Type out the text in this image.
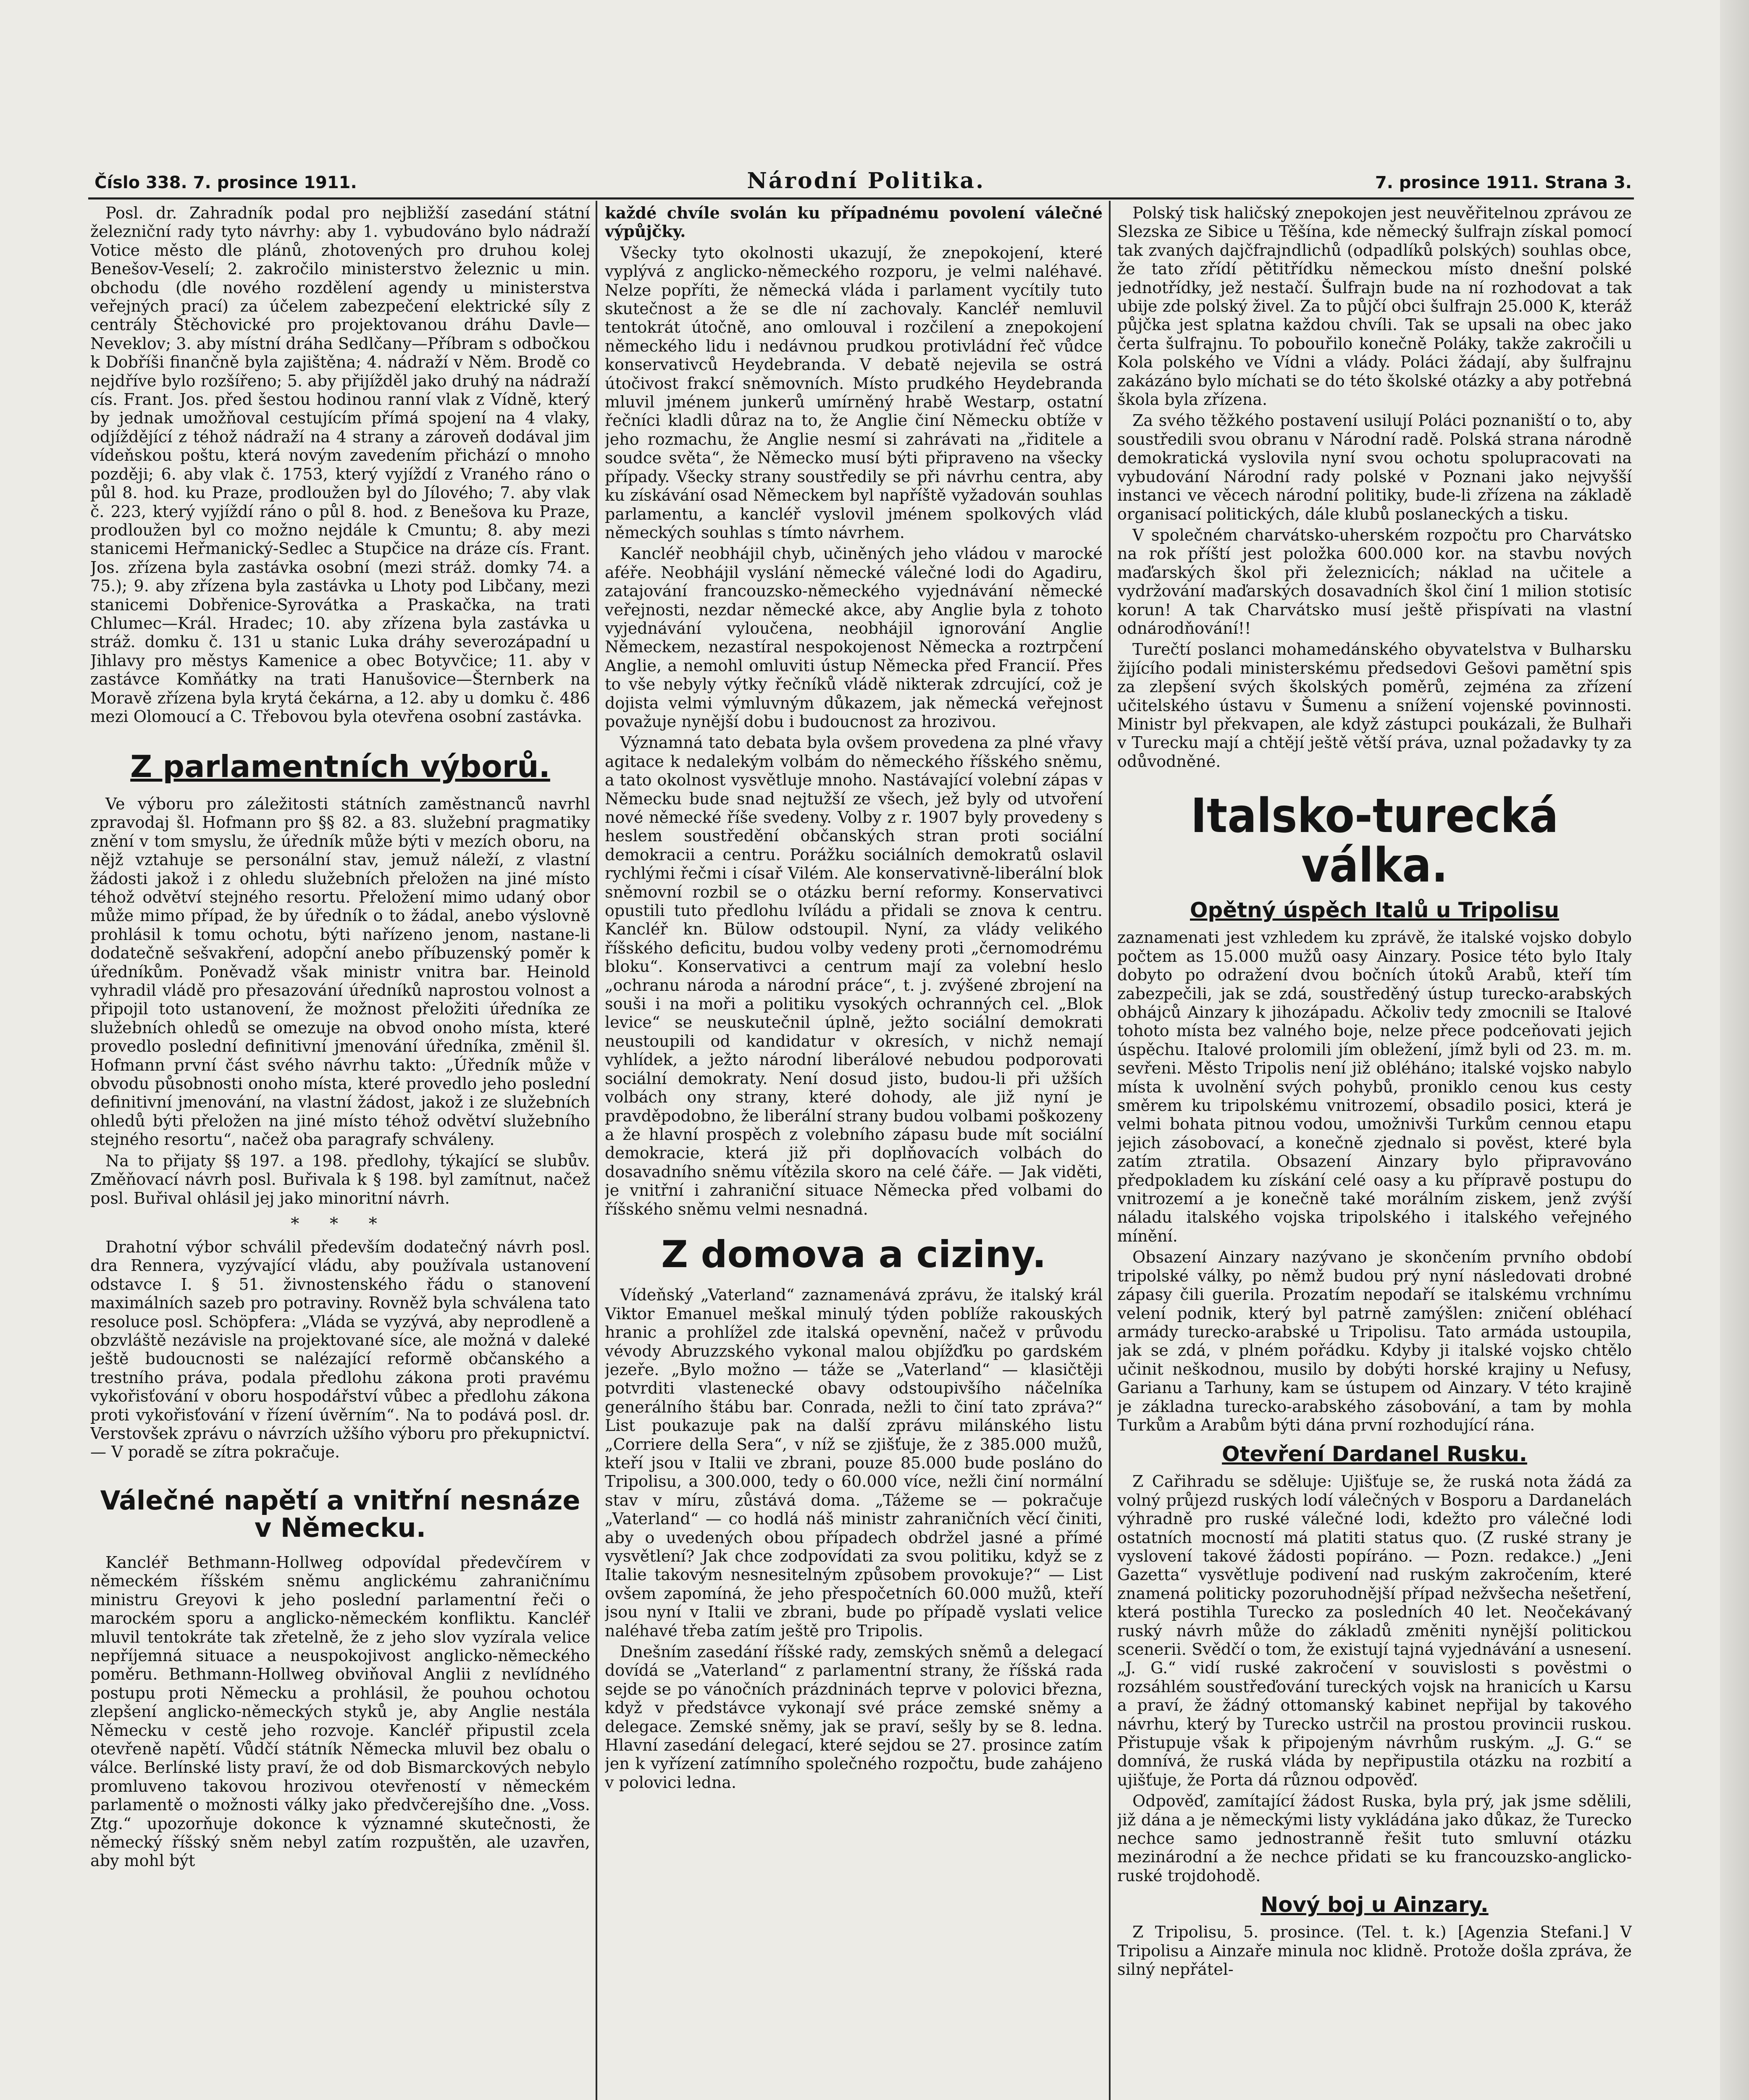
Číslo 338. 7. prosince 1911.	Národní Politika.	7. prosince 1911. Strana 3.

Posl. dr. Zahradník podal pro nejbližší zasedání státní železniční rady tyto návrhy: aby 1. vybudováno bylo nádraží Votice město dle plánů, zhotovených pro druhou kolej Benešov-Veselí; 2. zakročilo ministerstvo železnic u min. obchodu (dle nového rozdělení agendy u ministerstva veřejných prací) za účelem zabezpečení elektrické síly z centrály Štěchovické pro projektovanou dráhu Davle—Neveklov; 3. aby místní dráha Sedlčany—Příbram s odbočkou k Dobříši finančně byla zajištěna; 4. nádraží v Něm. Brodě co nejdříve bylo rozšířeno; 5. aby přijížděl jako druhý na nádraží cís. Frant. Jos. před šestou hodinou ranní vlak z Vídně, který by jednak umožňoval cestujícím přímá spojení na 4 vlaky, odjíždějící z téhož nádraží na 4 strany a zároveň dodával jim vídeňskou poštu, která novým zavedením přichází o mnoho později; 6. aby vlak č. 1753, který vyjíždí z Vraného ráno o půl 8. hod. ku Praze, prodloužen byl do Jílového; 7. aby vlak č. 223, který vyjíždí ráno o půl 8. hod. z Benešova ku Praze, prodloužen byl co možno nejdále k Cmuntu; 8. aby mezi stanicemi Heřmanický-Sedlec a Stupčice na dráze cís. Frant. Jos. zřízena byla zastávka osobní (mezi stráž. domky 74. a 75.); 9. aby zřízena byla zastávka u Lhoty pod Libčany, mezi stanicemi Dobřenice-Syrovátka a Praskačka, na trati Chlumec—Král. Hradec; 10. aby zřízena byla zastávka u stráž. domku č. 131 u stanic Luka dráhy severozápadní u Jihlavy pro městys Kamenice a obec Botyvčice; 11. aby v zastávce Komňátky na trati Hanušovice—Šternberk na Moravě zřízena byla krytá čekárna, a 12. aby u domku č. 486 mezi Olomoucí a C. Třebovou byla otevřena osobní zastávka.

Z parlamentních výborů.

Ve výboru pro záležitosti státních zaměstnanců navrhl zpravodaj šl. Hofmann pro §§ 82. a 83. služební pragmatiky znění v tom smyslu, že úředník může býti v mezích oboru, na nějž vztahuje se personální stav, jemuž náleží, z vlastní žádosti jakož i z ohledu služebních přeložen na jiné místo téhož odvětví stejného resortu. Přeložení mimo udaný obor může mimo případ, že by úředník o to žádal, anebo výslovně prohlásil k tomu ochotu, býti nařízeno jenom, nastane-li dodatečně sešvakření, adopční anebo příbuzenský poměr k úředníkům. Poněvadž však ministr vnitra bar. Heinold vyhradil vládě pro přesazování úředníků naprostou volnost a připojil toto ustanovení, že možnost přeložiti úředníka ze služebních ohledů se omezuje na obvod onoho místa, které provedlo poslední definitivní jmenování úředníka, změnil šl. Hofmann první část svého návrhu takto: „Úředník může v obvodu působnosti onoho místa, které provedlo jeho poslední definitivní jmenování, na vlastní žádost, jakož i ze služebních ohledů býti přeložen na jiné místo téhož odvětví služebního stejného resortu“, načež oba paragrafy schváleny.

Na to přijaty §§ 197. a 198. předlohy, týkající se slubův. Změňovací návrh posl. Buřivala k § 198. byl zamítnut, načež posl. Buřival ohlásil jej jako minoritní návrh.

* * *

Drahotní výbor schválil především dodatečný návrh posl. dra Rennera, vyzývající vládu, aby používala ustanovení odstavce I. § 51. živnostenského řádu o stanovení maximálních sazeb pro potraviny. Rovněž byla schválena tato resoluce posl. Schöpfera: „Vláda se vyzývá, aby neprodleně a obzvláště nezávisle na projektované síce, ale možná v daleké ještě budoucnosti se nalézající reformě občanského a trestního práva, podala předlohu zákona proti pravému vykořisťování v oboru hospodářství vůbec a předlohu zákona proti vykořisťování v řízení úvěrním“. Na to podává posl. dr. Verstovšek zprávu o návrzích užšího výboru pro překupnictví. — V poradě se zítra pokračuje.

Válečné napětí a vnitřní nesnáze v Německu.

Kancléř Bethmann-Hollweg odpovídal předevčírem v německém říšském sněmu anglickému zahraničnímu ministru Greyovi k jeho poslední parlamentní řeči o marockém sporu a anglicko-německém konfliktu. Kancléř mluvil tentokráte tak zřetelně, že z jeho slov vyzírala velice nepříjemná situace a neuspokojivost anglicko-německého poměru. Bethmann-Hollweg obviňoval Anglii z nevlídného postupu proti Německu a prohlásil, že pouhou ochotou zlepšení anglicko-německých styků je, aby Anglie nestála Německu v cestě jeho rozvoje. Kancléř připustil zcela otevřeně napětí. Vůdčí státník Německa mluvil bez obalu o válce. Berlínské listy praví, že od dob Bismarckových nebylo promluveno takovou hrozivou otevřeností v německém parlamentě o možnosti války jako předvčerejšího dne. „Voss. Ztg.“ upozorňuje dokonce k významné skutečnosti, že německý říšský sněm nebyl zatím rozpuštěn, ale uzavřen, aby mohl být

každé chvíle svolán ku případnému povolení válečné výpůjčky.

Všecky tyto okolnosti ukazují, že znepokojení, které vyplývá z anglicko-německého rozporu, je velmi naléhavé. Nelze popříti, že německá vláda i parlament vycítily tuto skutečnost a že se dle ní zachovaly. Kancléř nemluvil tentokrát útočně, ano omlouval i rozčilení a znepokojení německého lidu i nedávnou prudkou protivládní řeč vůdce konservativců Heydebranda. V debatě nejevila se ostrá útočivost frakcí sněmovních. Místo prudkého Heydebranda mluvil jménem junkerů umírněný hrabě Westarp, ostatní řečníci kladli důraz na to, že Anglie činí Německu obtíže v jeho rozmachu, že Anglie nesmí si zahrávati na „řiditele a soudce světa“, že Německo musí býti připraveno na všecky případy. Všecky strany soustředily se při návrhu centra, aby ku získávání osad Německem byl napříště vyžadován souhlas parlamentu, a kancléř vyslovil jménem spolkových vlád německých souhlas s tímto návrhem.

Kancléř neobhájil chyb, učiněných jeho vládou v marocké aféře. Neobhájil vyslání německé válečné lodi do Agadiru, zatajování francouzsko-německého vyjednávání německé veřejnosti, nezdar německé akce, aby Anglie byla z tohoto vyjednávání vyloučena, neobhájil ignorování Anglie Německem, nezastíral nespokojenost Německa a roztrpčení Anglie, a nemohl omluviti ústup Německa před Francií. Přes to vše nebyly výtky řečníků vládě nikterak zdrcující, což je dojista velmi výmluvným důkazem, jak německá veřejnost považuje nynější dobu i budoucnost za hrozivou.

Významná tato debata byla ovšem provedena za plné vřavy agitace k nedalekým volbám do německého říšského sněmu, a tato okolnost vysvětluje mnoho. Nastávající volební zápas v Německu bude snad nejtužší ze všech, jež byly od utvoření nové německé říše svedeny. Volby z r. 1907 byly provedeny s heslem soustředění občanských stran proti sociální demokracii a centru. Porážku sociálních demokratů oslavil rychlými řečmi i císař Vilém. Ale konservativně-liberální blok sněmovní rozbil se o otázku berní reformy. Konservativci opustili tuto předlohu lvíládu a přidali se znova k centru. Kancléř kn. Bülow odstoupil. Nyní, za vlády velikého říšského deficitu, budou volby vedeny proti „černomodrému bloku“. Konservativci a centrum mají za volební heslo „ochranu národa a národní práce“, t. j. zvýšené zbrojení na souši i na moři a politiku vysokých ochranných cel. „Blok levice“ se neuskutečnil úplně, ježto sociální demokrati neustoupili od kandidatur v okresích, v nichž nemají vyhlídek, a ježto národní liberálové nebudou podporovati sociální demokraty. Není dosud jisto, budou-li při užších volbách ony strany, které dohody, ale již nyní je pravděpodobno, že liberální strany budou volbami poškozeny a že hlavní prospěch z volebního zápasu bude mít sociální demokracie, která již při doplňovacích volbách do dosavadního sněmu vítězila skoro na celé čáře. — Jak viděti, je vnitřní i zahraniční situace Německa před volbami do říšského sněmu velmi nesnadná.

Z domova a ciziny.

Vídeňský „Vaterland“ zaznamenává zprávu, že italský král Viktor Emanuel meškal minulý týden poblíže rakouských hranic a prohlížel zde italská opevnění, načež v průvodu vévody Abruzzského vykonal malou objížďku po gardském jezeře. „Bylo možno — táže se „Vaterland“ — klasičtěji potvrditi vlastenecké obavy odstoupivšího náčelníka generálního štábu bar. Conrada, nežli to činí tato zpráva?“ List poukazuje pak na další zprávu milánského listu „Corriere della Sera“, v níž se zjišťuje, že z 385.000 mužů, kteří jsou v Italii ve zbrani, pouze 85.000 bude posláno do Tripolisu, a 300.000, tedy o 60.000 více, nežli činí normální stav v míru, zůstává doma. „Tážeme se — pokračuje „Vaterland“ — co hodlá náš ministr zahraničních věcí činiti, aby o uvedených obou případech obdržel jasné a přímé vysvětlení? Jak chce zodpovídati za svou politiku, když se z Italie takovým nesnesitelným způsobem provokuje?“ — List ovšem zapomíná, že jeho přespočetních 60.000 mužů, kteří jsou nyní v Italii ve zbrani, bude po případě vyslati velice naléhavé třeba zatím ještě pro Tripolis.

Dnešním zasedání říšské rady, zemských sněmů a delegací dovídá se „Vaterland“ z parlamentní strany, že říšská rada sejde se po vánočních prázdninách teprve v polovici března, když v předstávce vykonají své práce zemské sněmy a delegace. Zemské sněmy, jak se praví, sešly by se 8. ledna. Hlavní zasedání delegací, které sejdou se 27. prosince zatím jen k vyřízení zatímního společného rozpočtu, bude zahájeno v polovici ledna.

Polský tisk haličský znepokojen jest neuvěřitelnou zprávou ze Slezska ze Sibice u Těšína, kde německý šulfrajn získal pomocí tak zvaných dajčfrajndlichů (odpadlíků polských) souhlas obce, že tato zřídí pětitřídku německou místo dnešní polské jednotřídky, jež nestačí. Šulfrajn bude na ní rozhodovat a tak ubije zde polský živel. Za to půjčí obci šulfrajn 25.000 K, kteráž půjčka jest splatna každou chvíli. Tak se upsali na obec jako čerta šulfrajnu. To pobouřilo konečně Poláky, takže zakročili u Kola polského ve Vídni a vlády. Poláci žádají, aby šulfrajnu zakázáno bylo míchati se do této školské otázky a aby potřebná škola byla zřízena.

Za svého těžkého postavení usilují Poláci poznaniští o to, aby soustředili svou obranu v Národní radě. Polská strana národně demokratická vyslovila nyní svou ochotu spolupracovati na vybudování Národní rady polské v Poznani jako nejvyšší instanci ve věcech národní politiky, bude-li zřízena na základě organisací politických, dále klubů poslaneckých a tisku.

V společném charvátsko-uherském rozpočtu pro Charvátsko na rok příští jest položka 600.000 kor. na stavbu nových maďarských škol při železnicích; náklad na učitele a vydržování maďarských dosavadních škol činí 1 milion stotisíc korun! A tak Charvátsko musí ještě přispívati na vlastní odnárodňování!!

Turečtí poslanci mohamedánského obyvatelstva v Bulharsku žijícího podali ministerskému předsedovi Gešovi pamětní spis za zlepšení svých školských poměrů, zejména za zřízení učitelského ústavu v Šumenu a snížení vojenské povinnosti. Ministr byl překvapen, ale když zástupci poukázali, že Bulhaři v Turecku mají a chtějí ještě větší práva, uznal požadavky ty za odůvodněné.

Italsko-turecká válka.
Opětný úspěch Italů u Tripolisu

zaznamenati jest vzhledem ku zprávě, že italské vojsko dobylo počtem as 15.000 mužů oasy Ainzary. Posice této bylo Italy dobyto po odražení dvou bočních útoků Arabů, kteří tím zabezpečili, jak se zdá, soustředěný ústup turecko-arabských obhájců Ainzary k jihozápadu. Ačkoliv tedy zmocnili se Italové tohoto místa bez valného boje, nelze přece podceňovati jejich úspěchu. Italové prolomili jím obležení, jímž byli od 23. m. m. sevřeni. Město Tripolis není již obléháno; italské vojsko nabylo místa k uvolnění svých pohybů, proniklo cenou kus cesty směrem ku tripolskému vnitrozemí, obsadilo posici, která je velmi bohata pitnou vodou, umožnivši Turkům cennou etapu jejich zásobovací, a konečně zjednalo si pověst, které byla zatím ztratila. Obsazení Ainzary bylo připravováno předpokladem ku získání celé oasy a ku přípravě postupu do vnitrozemí a je konečně také morálním ziskem, jenž zvýší náladu italského vojska tripolského i italského veřejného mínění.

Obsazení Ainzary nazývano je skončením prvního období tripolské války, po němž budou prý nyní následovati drobné zápasy čili guerila. Prozatím nepodaří se italskému vrchnímu velení podnik, který byl patrně zamýšlen: zničení obléhací armády turecko-arabské u Tripolisu. Tato armáda ustoupila, jak se zdá, v plném pořádku. Kdyby ji italské vojsko chtělo učinit neškodnou, musilo by dobýti horské krajiny u Nefusy, Garianu a Tarhuny, kam se ústupem od Ainzary. V této krajině je základna turecko-arabského zásobování, a tam by mohla Turkům a Arabům býti dána první rozhodující rána.

Otevření Dardanel Rusku.

Z Cařihradu se sděluje: Ujišťuje se, že ruská nota žádá za volný průjezd ruských lodí válečných v Bosporu a Dardanelách výhradně pro ruské válečné lodi, kdežto pro válečné lodi ostatních mocností má platiti status quo. (Z ruské strany je vyslovení takové žádosti popíráno. — Pozn. redakce.) „Jeni Gazetta“ vysvětluje podivení nad ruským zakročením, které znamená politicky pozoruhodnější případ nežvšecha nešetření, která postihla Turecko za posledních 40 let. Neočekávaný ruský návrh může do základů změniti nynější politickou scenerii. Svědčí o tom, že existují tajná vyjednávání a usnesení. „J. G.“ vidí ruské zakročení v souvislosti s pověstmi o rozsáhlém soustřeďování tureckých vojsk na hranicích u Karsu a praví, že žádný ottomanský kabinet nepřijal by takového návrhu, který by Turecko ustrčil na prostou provincii ruskou. Přistupuje však k připojeným návrhům ruským. „J. G.“ se domnívá, že ruská vláda by nepřipustila otázku na rozbití a ujišťuje, že Porta dá různou odpověď.

Odpověď, zamítající žádost Ruska, byla prý, jak jsme sdělili, již dána a je německými listy vykládána jako důkaz, že Turecko nechce samo jednostranně řešit tuto smluvní otázku mezinárodní a že nechce přidati se ku francouzsko-anglicko-ruské trojdohodě.

Nový boj u Ainzary.

Z Tripolisu, 5. prosince. (Tel. t. k.) [Agenzia Stefani.] V Tripolisu a Ainzaře minula noc klidně. Protože došla zpráva, že silný nepřátel-
